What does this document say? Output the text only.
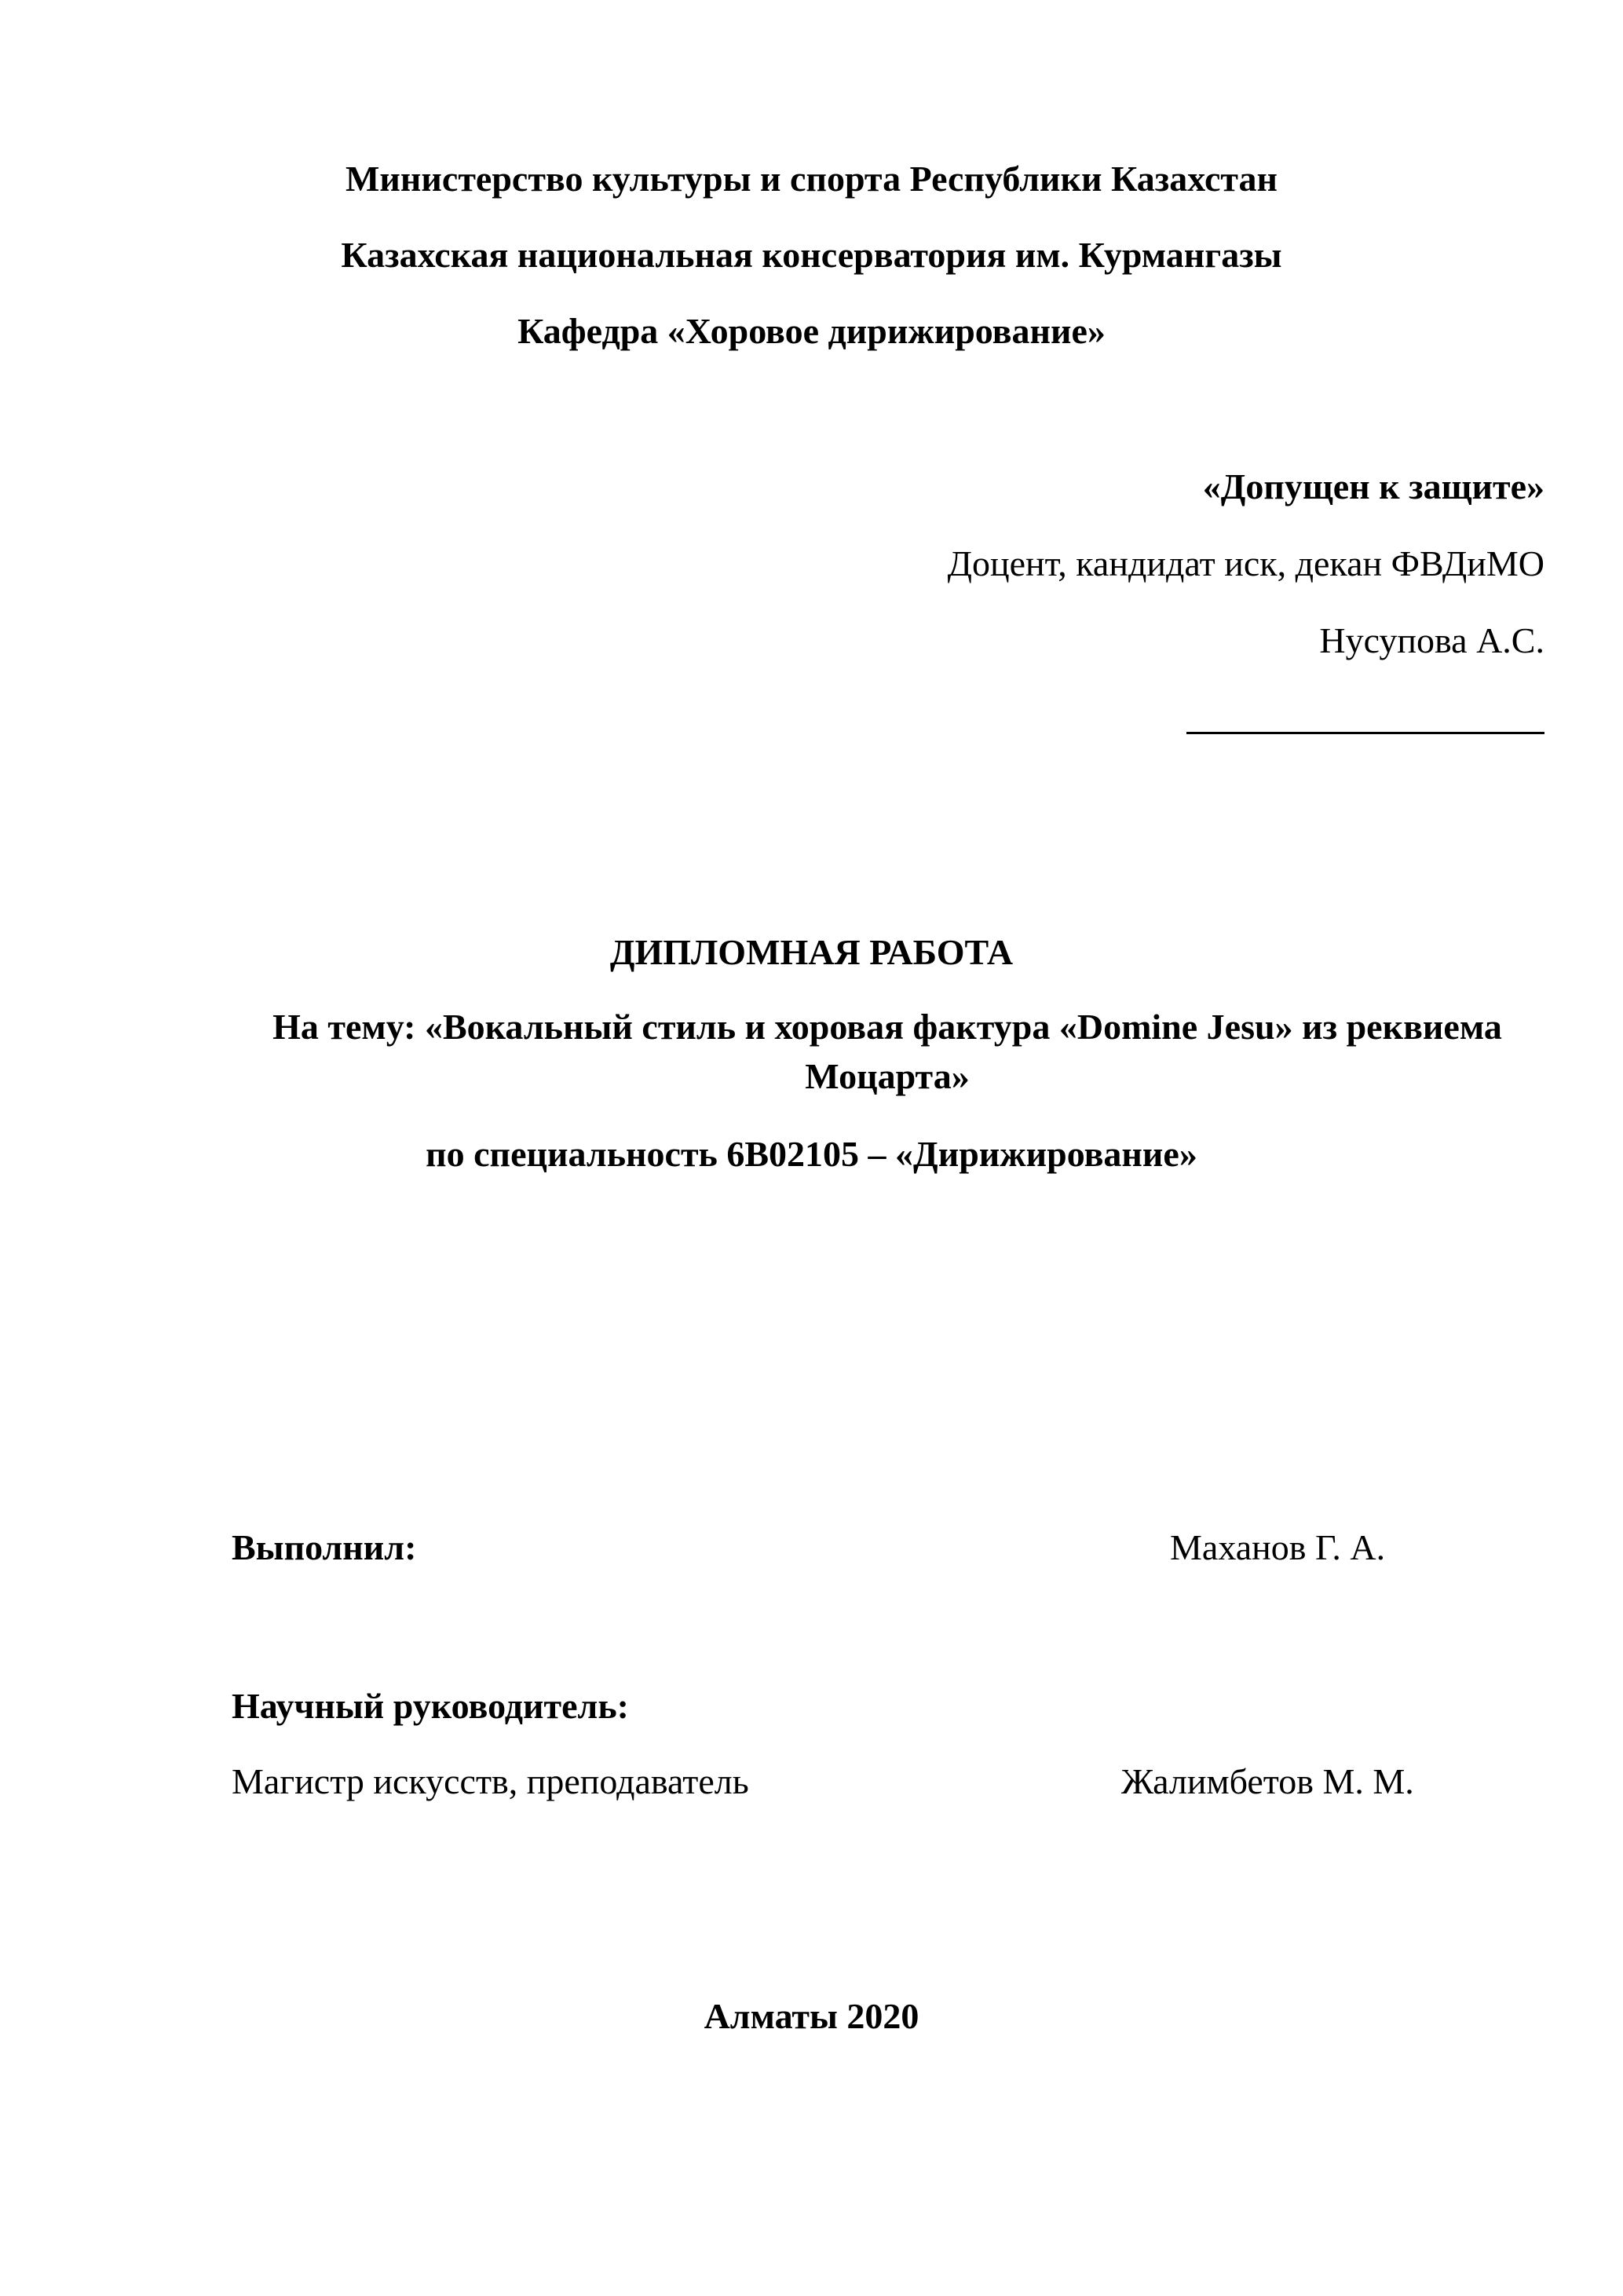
Министерство культуры и спорта Республики Казахстан
Казахская национальная консерватория им. Курмангазы
Кафедра «Хоровое дирижирование»
«Допущен к защите»
Доцент, кандидат иск, декан ФВДиМО
Нусупова А.С.
ДИПЛОМНАЯ РАБОТА
На тему: «Вокальный стиль и хоровая фактура «Domine Jesu» из реквиема
Моцарта»
по специальность 6В02105 – «Дирижирование»
Выполнил:	Маханов Г. А.
Научный руководитель:
Магистр искусств, преподаватель	Жалимбетов М. М.
Алматы 2020
